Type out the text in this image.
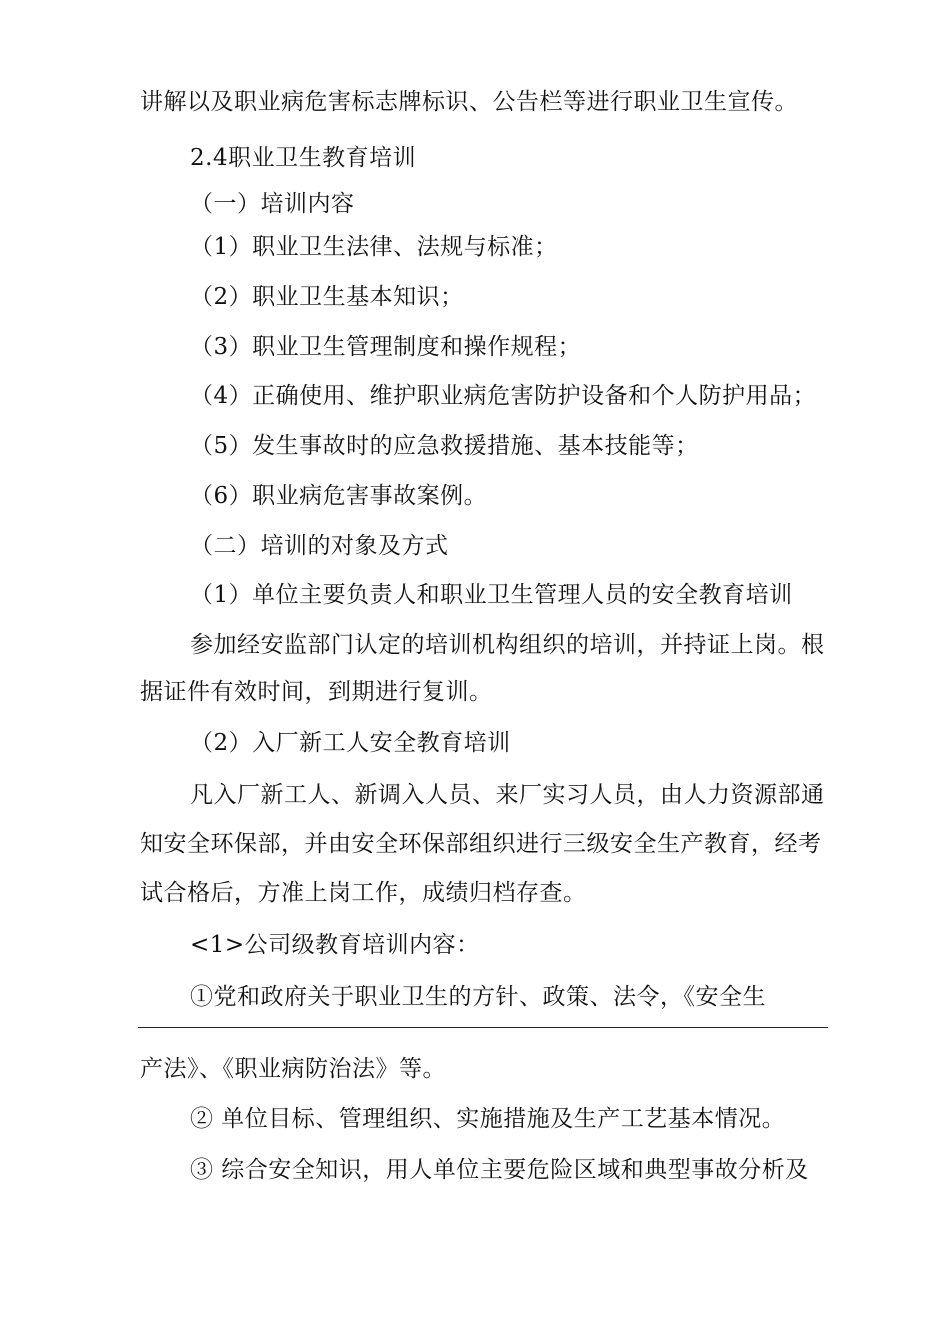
讲解以及职业病危害标志牌标识、公告栏等进行职业卫生宣传。
2.4职业卫生教育培训
（一）培训内容
（1）职业卫生法律、法规与标准；
（2）职业卫生基本知识；
（3）职业卫生管理制度和操作规程；
（4）正确使用、维护职业病危害防护设备和个人防护用品；
（5）发生事故时的应急救援措施、基本技能等；
（6）职业病危害事故案例。
（二）培训的对象及方式
（1）单位主要负责人和职业卫生管理人员的安全教育培训
参加经安监部门认定的培训机构组织的培训，并持证上岗。根
据证件有效时间，到期进行复训。
（2）入厂新工人安全教育培训
凡入厂新工人、新调入人员、来厂实习人员，由人力资源部通
知安全环保部，并由安全环保部组织进行三级安全生产教育，经考
试合格后，方准上岗工作，成绩归档存查。
<1>公司级教育培训内容：
①党和政府关于职业卫生的方针、政策、法令，《安全生
产法》、《职业病防治法》等。
② 单位目标、管理组织、实施措施及生产工艺基本情况。
③ 综合安全知识，用人单位主要危险区域和典型事故分析及
